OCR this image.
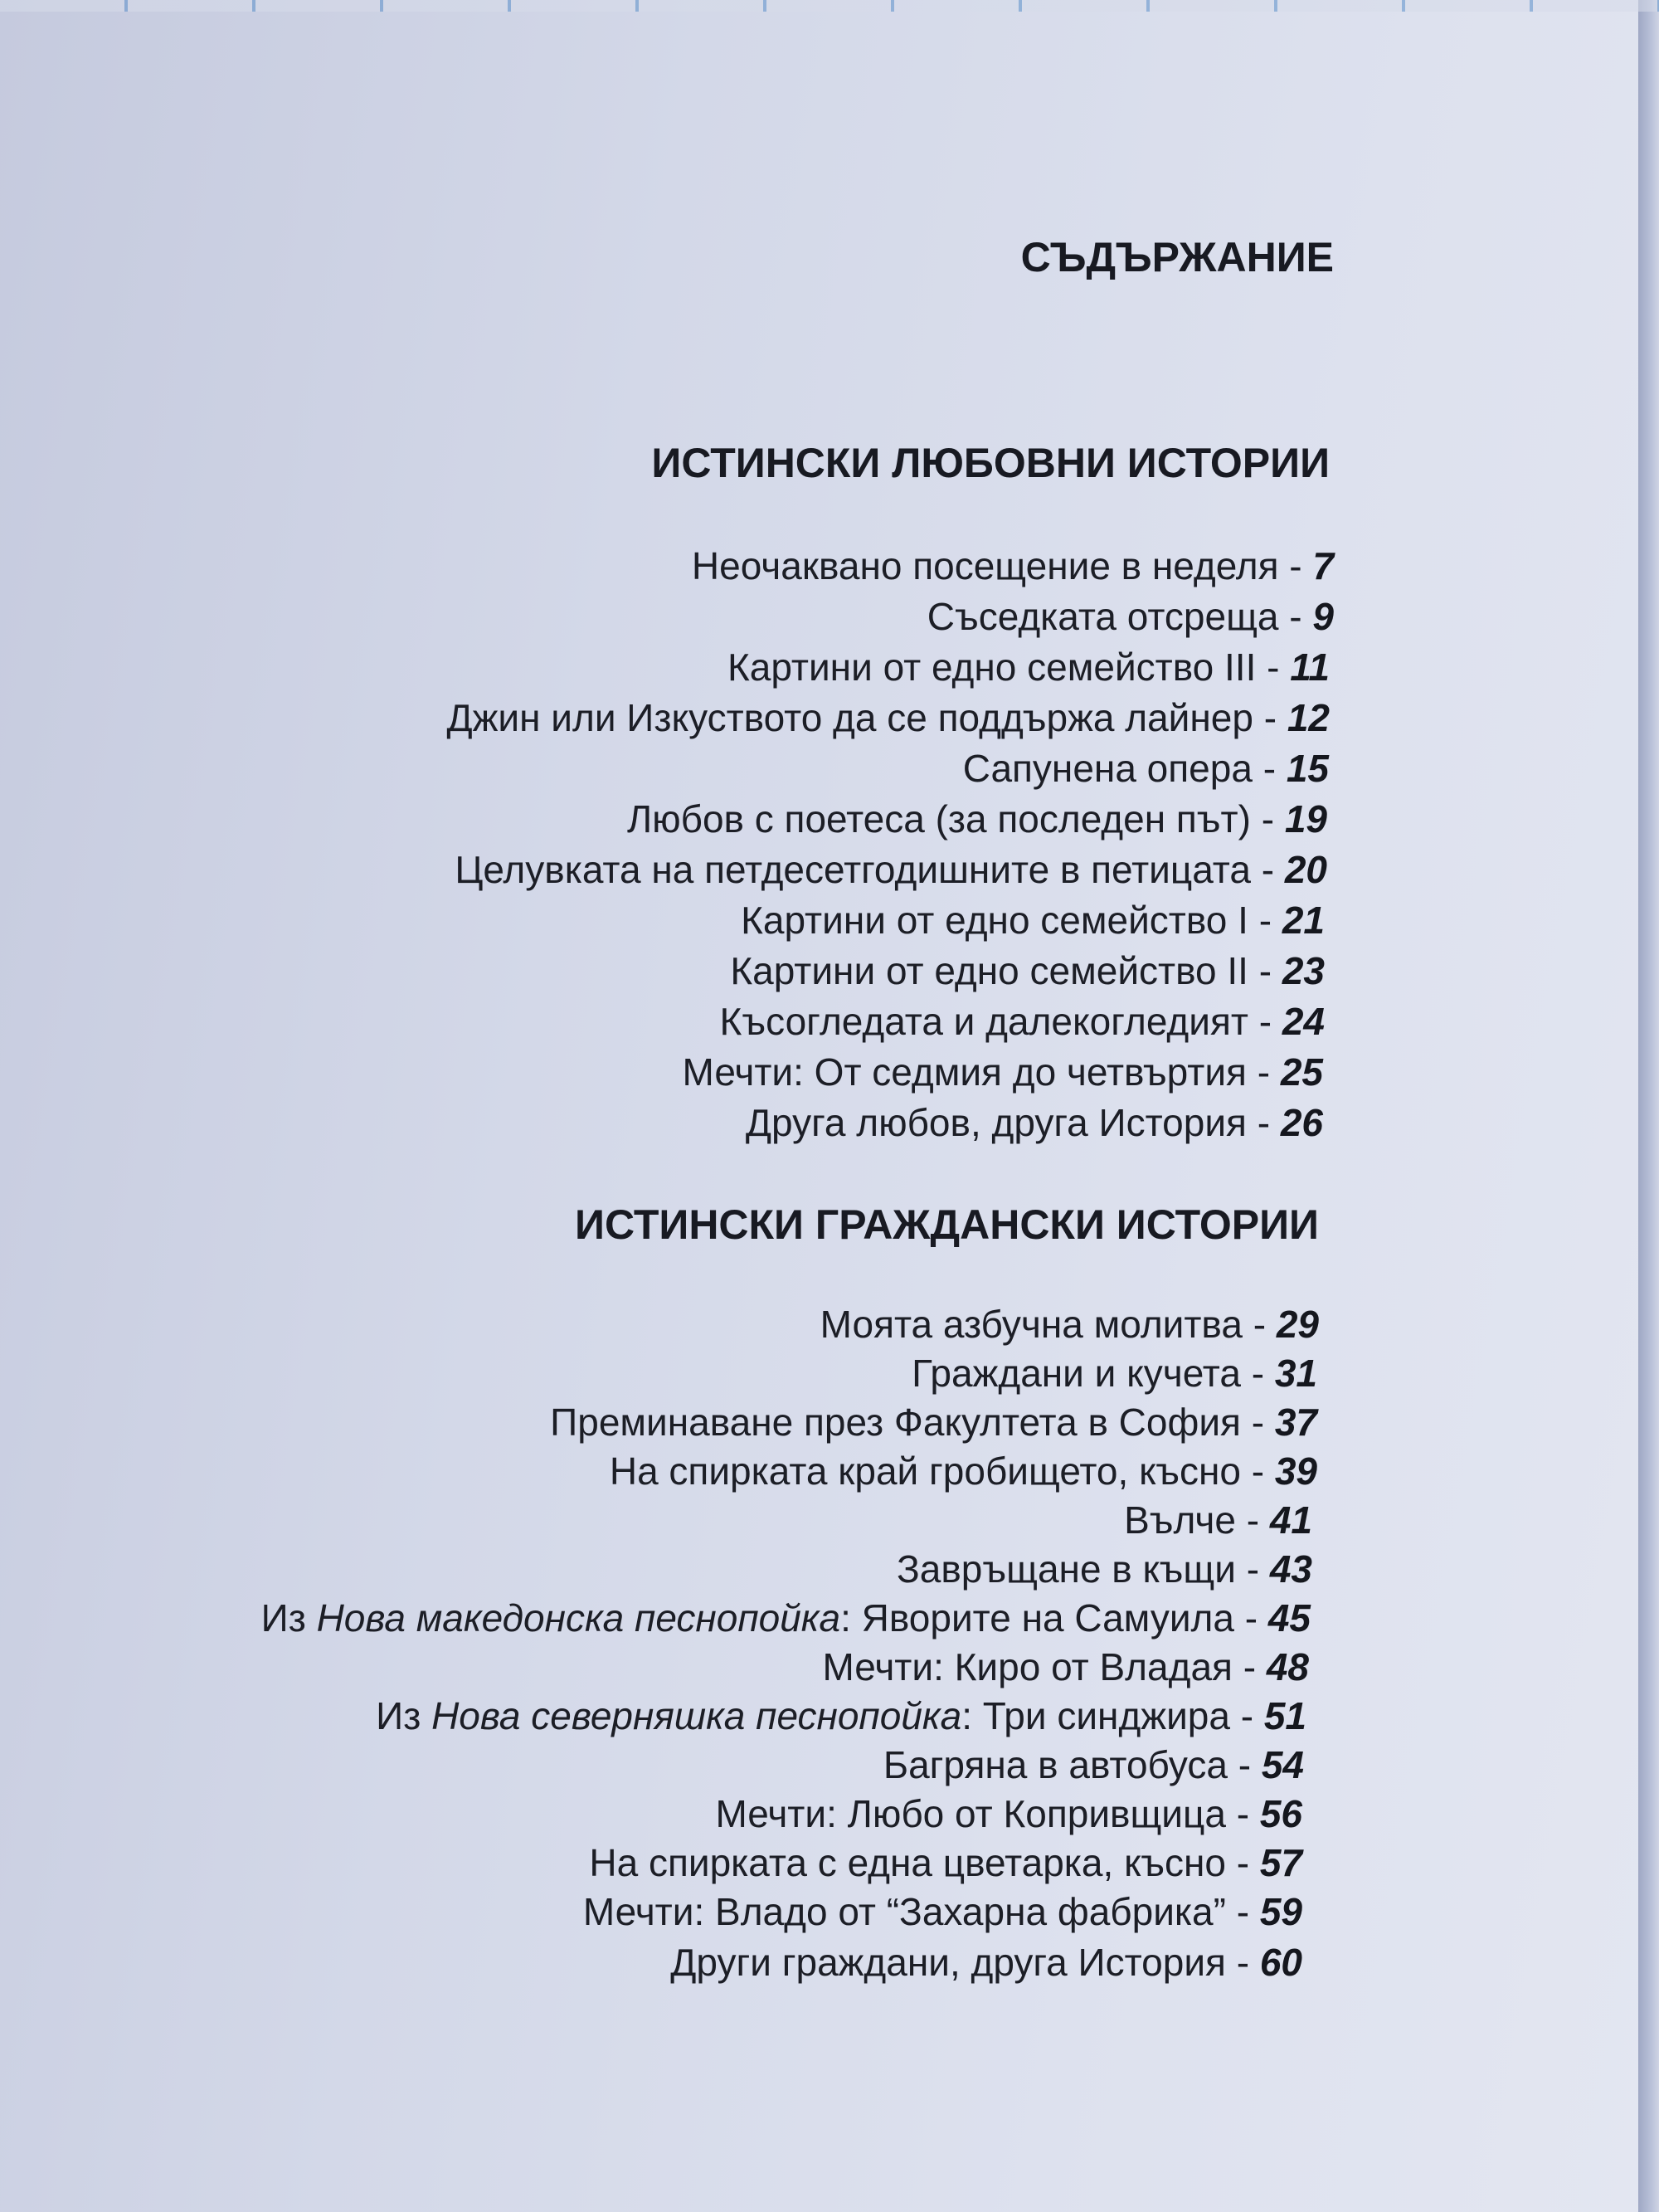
СЪДЪРЖАНИЕ
ИСТИНСКИ ЛЮБОВНИ ИСТОРИИ
Неочаквано посещение в неделя - 7
Съседката отсреща - 9
Картини от едно семейство III - 11
Джин или Изкуството да се поддържа лайнер - 12
Сапунена опера - 15
Любов с поетеса (за последен път) - 19
Целувката на петдесетгодишните в петицата - 20
Картини от едно семейство I - 21
Картини от едно семейство II - 23
Късогледата и далекогледият - 24
Мечти: От седмия до четвъртия - 25
Друга любов, друга История - 26
ИСТИНСКИ ГРАЖДАНСКИ ИСТОРИИ
Моята азбучна молитва - 29
Граждани и кучета - 31
Преминаване през Факултета в София - 37
На спирката край гробището, късно - 39
Вълче - 41
Завръщане в къщи - 43
Из Нова македонска песнопойка: Яворите на Самуила - 45
Мечти: Киро от Владая - 48
Из Нова северняшка песнопойка: Три синджира - 51
Багряна в автобуса - 54
Мечти: Любо от Копривщица - 56
На спирката с една цветарка, късно - 57
Мечти: Владо от “Захарна фабрика” - 59
Други граждани, друга История - 60
